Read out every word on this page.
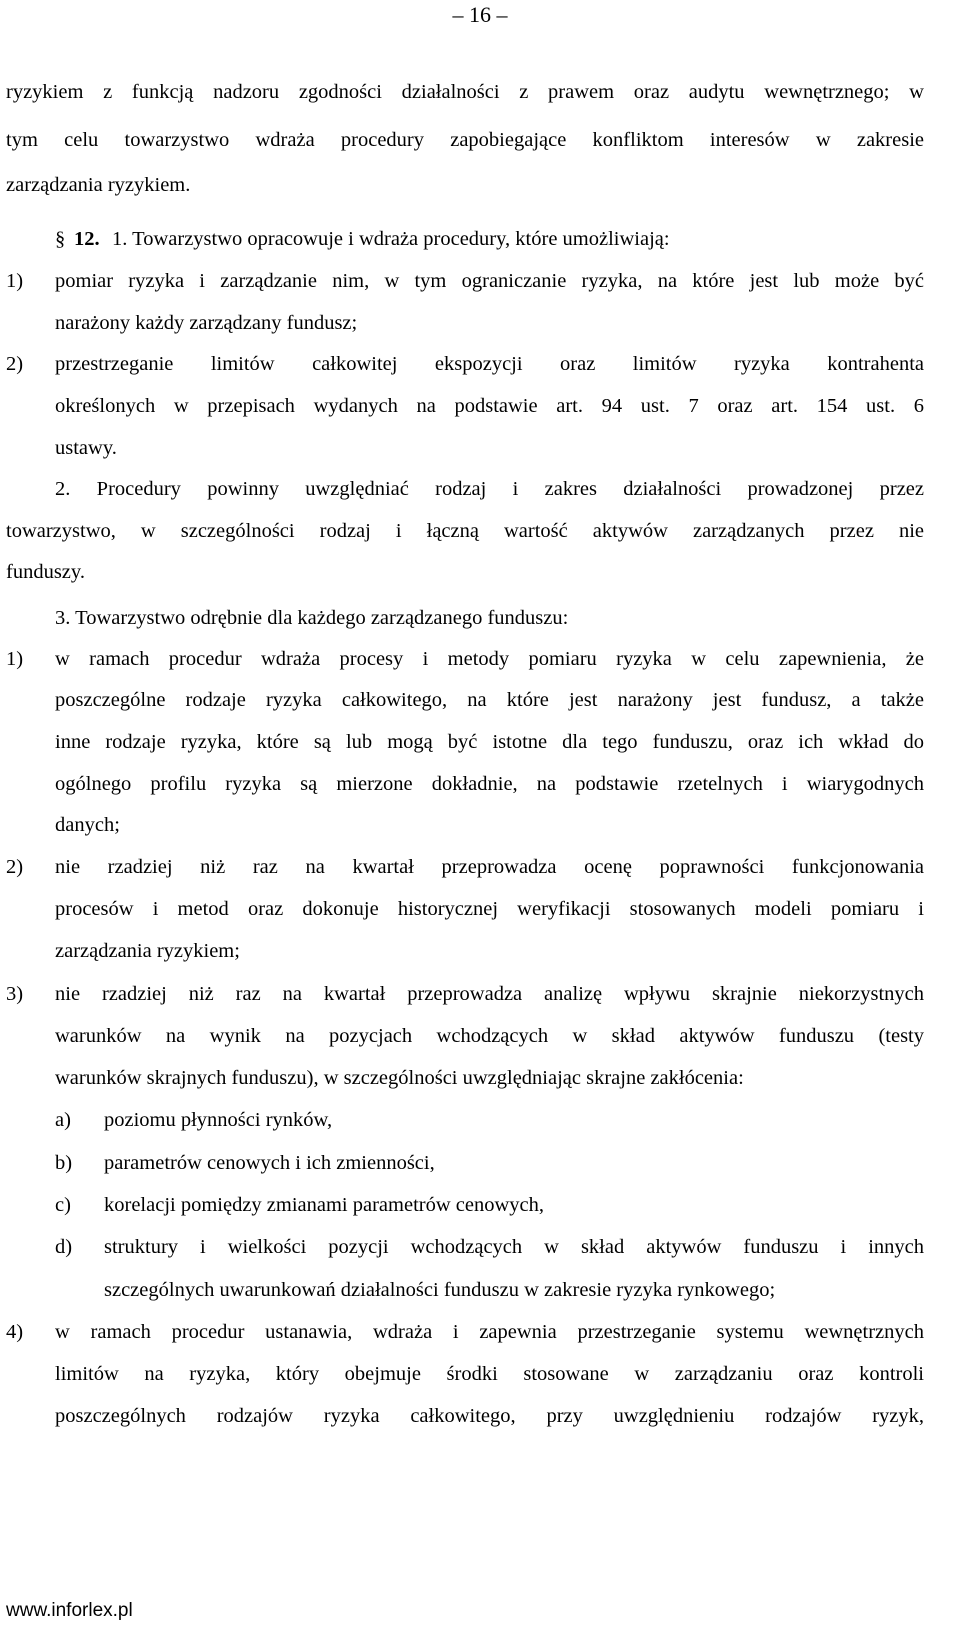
– 16 –
ryzykiem z funkcją nadzoru zgodności działalności z prawem oraz audytu wewnętrznego; w
tym celu towarzystwo wdraża procedury zapobiegające konfliktom interesów w zakresie
zarządzania ryzykiem.
§ 12. 1. Towarzystwo opracowuje i wdraża procedury, które umożliwiają:
1) pomiar ryzyka i zarządzanie nim, w tym ograniczanie ryzyka, na które jest lub może być
narażony każdy zarządzany fundusz;
2) przestrzeganie limitów całkowitej ekspozycji oraz limitów ryzyka kontrahenta
określonych w przepisach wydanych na podstawie art. 94 ust. 7 oraz art. 154 ust. 6
ustawy.
2. Procedury powinny uwzględniać rodzaj i zakres działalności prowadzonej przez
towarzystwo, w szczególności rodzaj i łączną wartość aktywów zarządzanych przez nie
funduszy.
3. Towarzystwo odrębnie dla każdego zarządzanego funduszu:
1) w ramach procedur wdraża procesy i metody pomiaru ryzyka w celu zapewnienia, że
poszczególne rodzaje ryzyka całkowitego, na które jest narażony jest fundusz, a także
inne rodzaje ryzyka, które są lub mogą być istotne dla tego funduszu, oraz ich wkład do
ogólnego profilu ryzyka są mierzone dokładnie, na podstawie rzetelnych i wiarygodnych
danych;
2) nie rzadziej niż raz na kwartał przeprowadza ocenę poprawności funkcjonowania
procesów i metod oraz dokonuje historycznej weryfikacji stosowanych modeli pomiaru i
zarządzania ryzykiem;
3) nie rzadziej niż raz na kwartał przeprowadza analizę wpływu skrajnie niekorzystnych
warunków na wynik na pozycjach wchodzących w skład aktywów funduszu (testy
warunków skrajnych funduszu), w szczególności uwzględniając skrajne zakłócenia:
a) poziomu płynności rynków,
b) parametrów cenowych i ich zmienności,
c) korelacji pomiędzy zmianami parametrów cenowych,
d) struktury i wielkości pozycji wchodzących w skład aktywów funduszu i innych
szczególnych uwarunkowań działalności funduszu w zakresie ryzyka rynkowego;
4) w ramach procedur ustanawia, wdraża i zapewnia przestrzeganie systemu wewnętrznych
limitów na ryzyka, który obejmuje środki stosowane w zarządzaniu oraz kontroli
poszczególnych rodzajów ryzyka całkowitego, przy uwzględnieniu rodzajów ryzyk,
www.inforlex.pl
